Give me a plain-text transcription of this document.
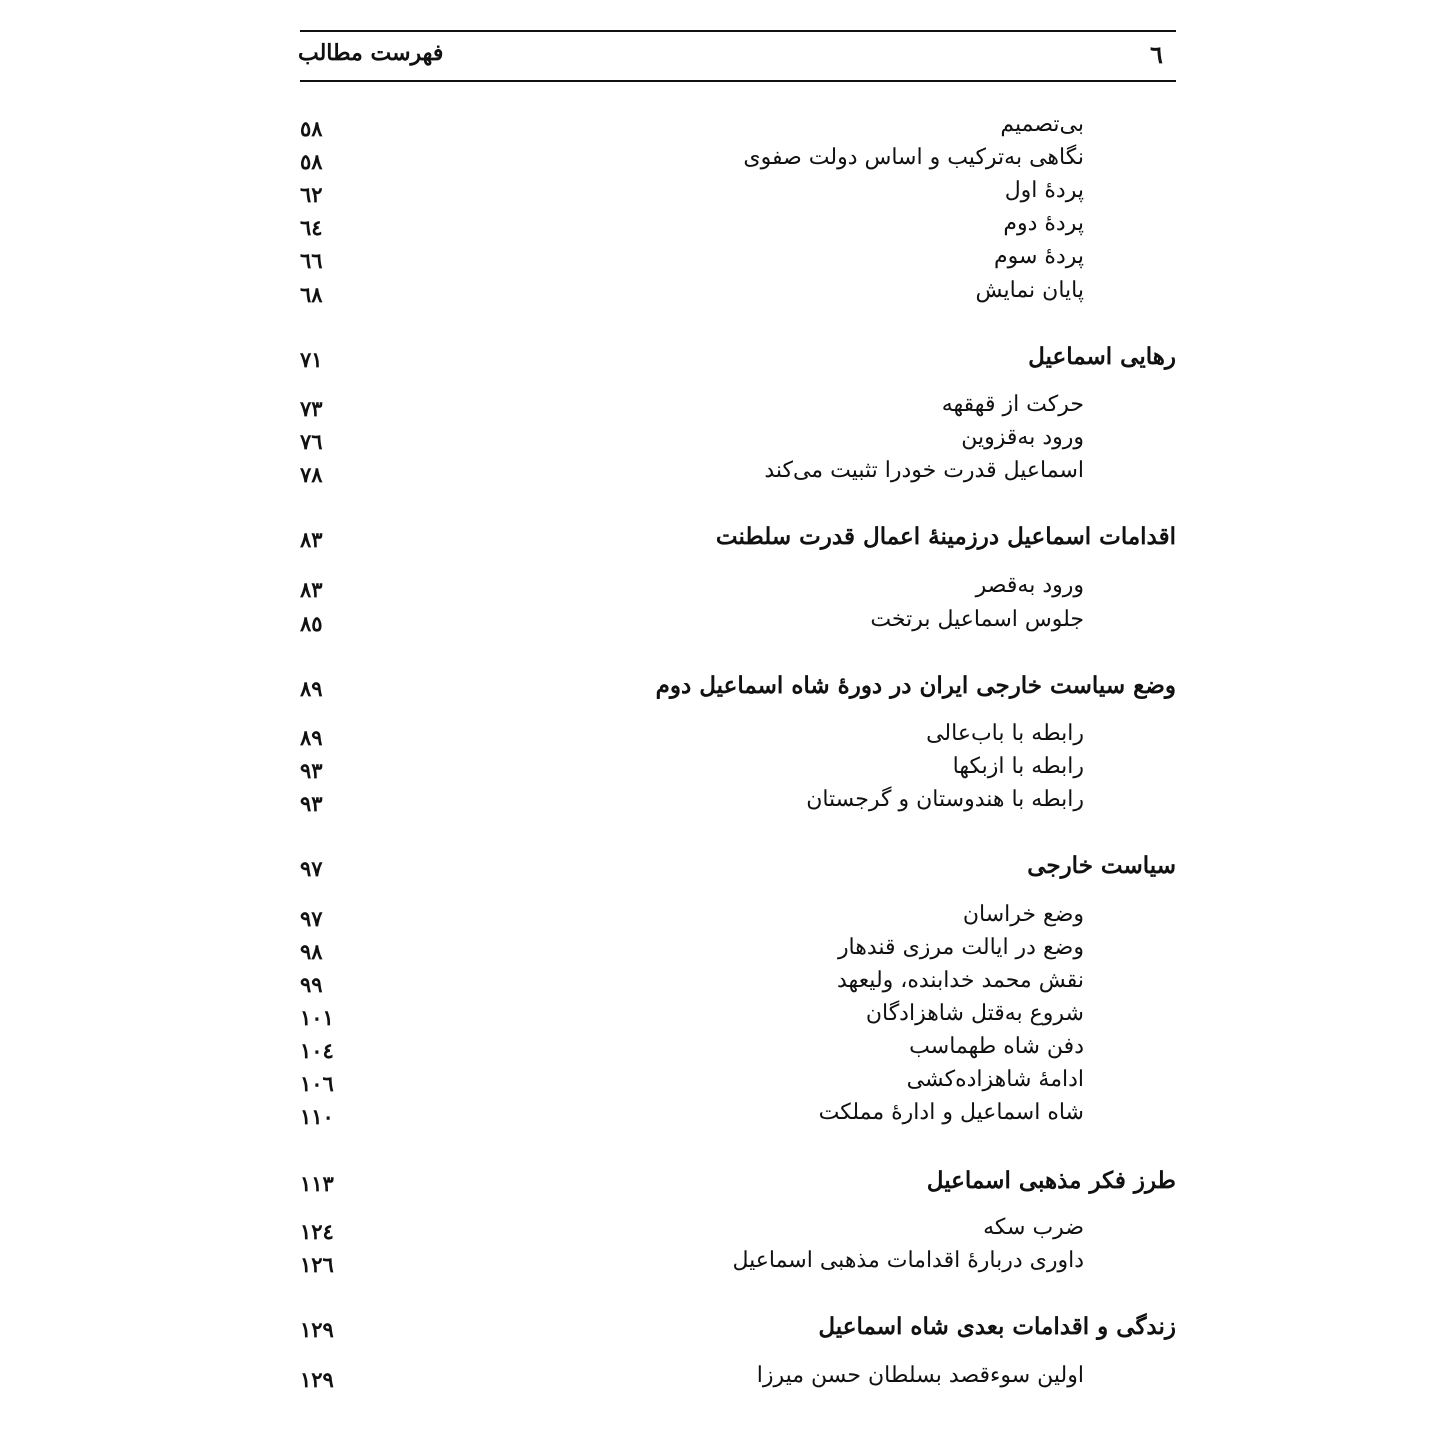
فهرست مطالب	٦
بی‌تصمیم
٥٨
نگاهی به‌ترکیب و اساس دولت صفوی
٥٨
پردهٔ اول
٦٢
پردهٔ دوم
٦٤
پردهٔ سوم
٦٦
پایان نمایش
٦٨
رهایی اسماعیل
٧١
حرکت از قهقهه
٧٣
ورود به‌قزوین
٧٦
اسماعیل قدرت خودرا تثبیت می‌کند
٧٨
اقدامات اسماعیل درزمینهٔ اعمال قدرت سلطنت
٨٣
ورود به‌قصر
٨٣
جلوس اسماعیل برتخت
٨٥
وضع سیاست خارجی ایران در دورهٔ شاه اسماعیل دوم
٨٩
رابطه با باب‌عالی
٨٩
رابطه با ازبکها
٩٣
رابطه با هندوستان و گرجستان
٩٣
سیاست خارجی
٩٧
وضع خراسان
٩٧
وضع در ایالت مرزی قندهار
٩٨
نقش محمد خدابنده، ولیعهد
٩٩
شروع به‌قتل شاهزادگان
١٠١
دفن شاه طهماسب
١٠٤
ادامهٔ شاهزاده‌کشی
١٠٦
شاه اسماعیل و ادارهٔ مملکت
١١٠
طرز فکر مذهبی اسماعیل
١١٣
ضرب سکه
١٢٤
داوری دربارهٔ اقدامات مذهبی اسماعیل
١٢٦
زندگی و اقدامات بعدی شاه اسماعیل
١٢٩
اولین سوءقصد بسلطان حسن میرزا
١٢٩
